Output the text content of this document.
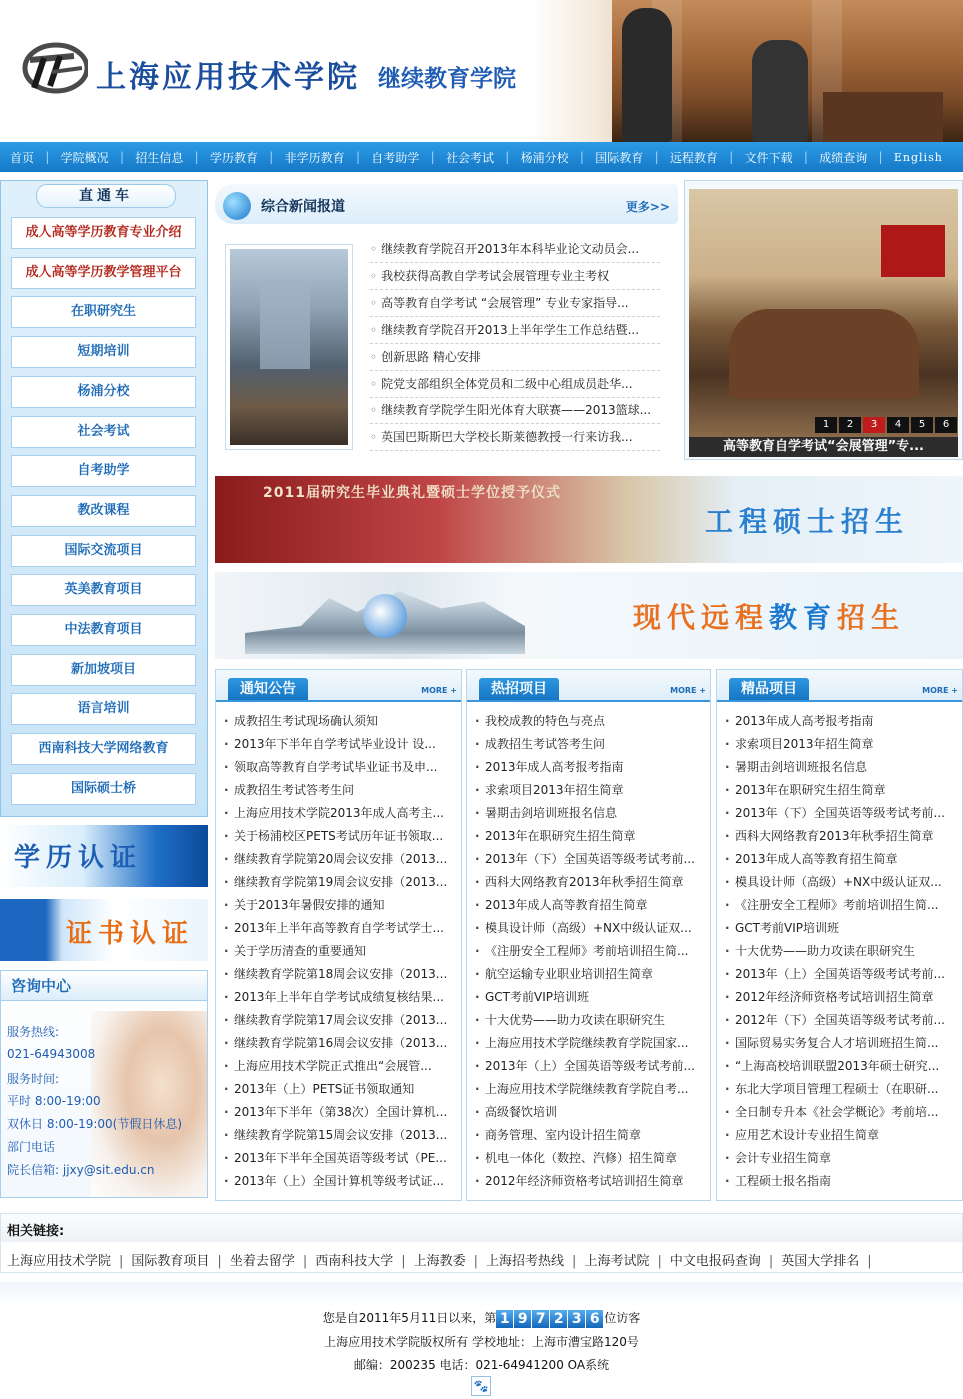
上海应用技术学院 继续教育学院
首页 | 学院概况 | 招生信息 | 学历教育 | 非学历教育 | 自考助学 | 社会考试 | 杨浦分校 | 国际教育 | 远程教育 | 文件下载 | 成绩查询 |	English
直通车
成人高等学历教育专业介绍
成人高等学历教学管理平台
在职研究生
短期培训
杨浦分校
社会考试
自考助学
教改课程
国际交流项目
英美教育项目
中法教育项目
新加坡项目
语言培训
西南科技大学网络教育
国际硕士桥
学历认证
证书认证
咨询中心
服务热线:
021-64943008
服务时间:
平时 8:00-19:00
双休日 8:00-19:00(节假日休息)
部门电话
院长信箱: jjxy@sit.edu.cn
综合新闻报道	更多>>
◦ 继续教育学院召开2013年本科毕业论文动员会...
◦ 我校获得高教自学考试会展管理专业主考权
◦ 高等教育自学考试 “会展管理” 专业专家指导...
◦ 继续教育学院召开2013上半年学生工作总结暨...
◦ 创新思路 精心安排
◦ 院党支部组织全体党员和二级中心组成员赴华...
◦ 继续教育学院学生阳光体育大联赛——2013篮球...
◦ 英国巴斯斯巴大学校长斯莱德教授一行来访我...
1	2	3	4	5	6
高等教育自学考试“会展管理”专...
2011届研究生毕业典礼暨硕士学位授予仪式
工程硕士招生
现代远程教育招生
通知公告	MORE +
· 成教招生考试现场确认须知
· 2013年下半年自学考试毕业设计 设...
· 领取高等教育自学考试毕业证书及申...
· 成教招生考试答考生问
· 上海应用技术学院2013年成人高考主...
· 关于杨浦校区PETS考试历年证书领取...
· 继续教育学院第20周会议安排（2013...
· 继续教育学院第19周会议安排（2013...
· 关于2013年暑假安排的通知
· 2013年上半年高等教育自学考试学士...
· 关于学历清查的重要通知
· 继续教育学院第18周会议安排（2013...
· 2013年上半年自学考试成绩复核结果...
· 继续教育学院第17周会议安排（2013...
· 继续教育学院第16周会议安排（2013...
· 上海应用技术学院正式推出“会展管...
· 2013年（上）PETS证书领取通知
· 2013年下半年（第38次）全国计算机...
· 继续教育学院第15周会议安排（2013...
· 2013年下半年全国英语等级考试（PE...
· 2013年（上）全国计算机等级考试证...
热招项目	MORE +
· 我校成教的特色与亮点
· 成教招生考试答考生问
· 2013年成人高考报考指南
· 求索项目2013年招生简章
· 暑期击剑培训班报名信息
· 2013年在职研究生招生简章
· 2013年（下）全国英语等级考试考前...
· 西科大网络教育2013年秋季招生简章
· 2013年成人高等教育招生简章
· 模具设计师（高级）+NX中级认证双...
· 《注册安全工程师》考前培训招生简...
· 航空运输专业职业培训招生简章
· GCT考前VIP培训班
· 十大优势——助力攻读在职研究生
· 上海应用技术学院继续教育学院国家...
· 2013年（上）全国英语等级考试考前...
· 上海应用技术学院继续教育学院自考...
· 高级餐饮培训
· 商务管理、室内设计招生简章
· 机电一体化（数控、汽修）招生简章
· 2012年经济师资格考试培训招生简章
精品项目	MORE +
· 2013年成人高考报考指南
· 求索项目2013年招生简章
· 暑期击剑培训班报名信息
· 2013年在职研究生招生简章
· 2013年（下）全国英语等级考试考前...
· 西科大网络教育2013年秋季招生简章
· 2013年成人高等教育招生简章
· 模具设计师（高级）+NX中级认证双...
· 《注册安全工程师》考前培训招生简...
· GCT考前VIP培训班
· 十大优势——助力攻读在职研究生
· 2013年（上）全国英语等级考试考前...
· 2012年经济师资格考试培训招生简章
· 2012年（下）全国英语等级考试考前...
· 国际贸易实务复合人才培训班招生简...
· “上海高校培训联盟2013年硕士研究...
· 东北大学项目管理工程硕士（在职研...
· 全日制专升本《社会学概论》考前培...
· 应用艺术设计专业招生简章
· 会计专业招生简章
· 工程硕士报名指南
相关链接:
上海应用技术学院 | 国际教育项目 | 坐着去留学 | 西南科技大学 | 上海教委 | 上海招考热线 | 上海考试院 | 中文电报码查询 | 英国大学排名 |
您是自2011年5月11日以来，第 1 9 7 2 3 6 位访客
上海应用技术学院版权所有 学校地址：上海市漕宝路120号
邮编：200235 电话：021-64941200 OA系统
🐾
